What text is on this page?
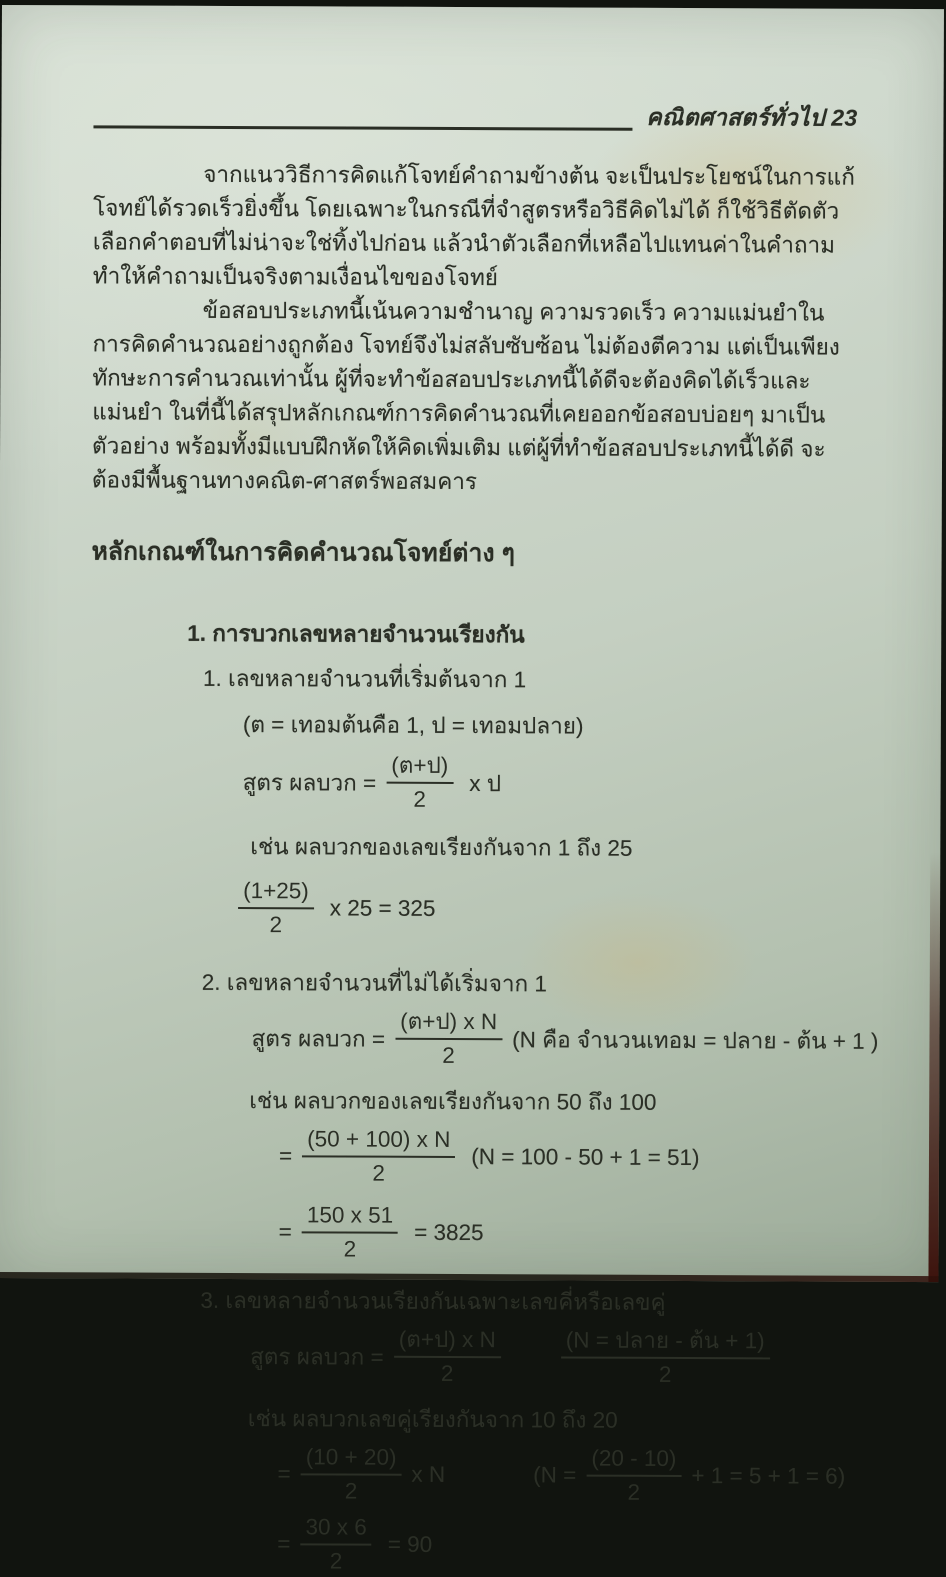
คณิตศาสตร์ทั่วไป 23

จากแนววิธีการคิดแก้โจทย์คำถามข้างต้น จะเป็นประโยชน์ในการแก้โจทย์ได้รวดเร็วยิ่งขึ้น โดยเฉพาะในกรณีที่จำสูตรหรือวิธีคิดไม่ได้ ก็ใช้วิธีตัดตัวเลือกคำตอบที่ไม่น่าจะใช่ทิ้งไปก่อน แล้วนำตัวเลือกที่เหลือไปแทนค่าในคำถาม ทำให้คำถามเป็นจริงตามเงื่อนไขของโจทย์

ข้อสอบประเภทนี้เน้นความชำนาญ ความรวดเร็ว ความแม่นยำในการคิดคำนวณอย่างถูกต้อง โจทย์จึงไม่สลับซับซ้อน ไม่ต้องตีความ แต่เป็นเพียงทักษะการคำนวณเท่านั้น ผู้ที่จะทำข้อสอบประเภทนี้ได้ดีจะต้องคิดได้เร็วและแม่นยำ ในที่นี้ได้สรุปหลักเกณฑ์การคิดคำนวณที่เคยออกข้อสอบบ่อยๆ มาเป็นตัวอย่าง พร้อมทั้งมีแบบฝึกหัดให้คิดเพิ่มเติม แต่ผู้ที่ทำข้อสอบประเภทนี้ได้ดี จะต้องมีพื้นฐานทางคณิต-ศาสตร์พอสมคาร

หลักเกณฑ์ในการคิดคำนวณโจทย์ต่าง ๆ
1. การบวกเลขหลายจำนวนเรียงกัน
1. เลขหลายจำนวนที่เริ่มต้นจาก 1
(ต = เทอมต้นคือ 1, ป = เทอมปลาย)
สูตร ผลบวก = $\frac{\text{(ต+ป)}}{2}$ x ป
เช่น ผลบวกของเลขเรียงกันจาก 1 ถึง 25
$\frac{(1+25)}{2}$ x 25 = 325
2. เลขหลายจำนวนที่ไม่ได้เริ่มจาก 1
สูตร ผลบวก = $\frac{\text{(ต+ป) x N}}{2} (N$ คือ จำนวนเทอม = ปลาย - ต้น + 1 )
เช่น ผลบวกของเลขเรียงกันจาก 50 ถึง 100
= $\frac{\text{(50 + 100) x N}}{2} (N = 100 - 50 + 1 = 51)$
= $\frac{150 x 51}{2} = 3825$
3. เลขหลายจำนวนเรียงกันเฉพาะเลขคี่หรือเลขคู่
สูตร ผลบวก = $\frac{\text{(ต+ป) x N}}{2}$	$\frac{\text{(N = ปลาย - ต้น + 1)}}{2}$
เช่น ผลบวกเลขคู่เรียงกันจาก 10 ถึง 20
= $\frac{(10 + 20)}{2}$ x N	$(N = \frac{(20 - 10)}{2} + 1 = 5 + 1 = 6)$
= $\frac{30 x 6}{2} = 90$
